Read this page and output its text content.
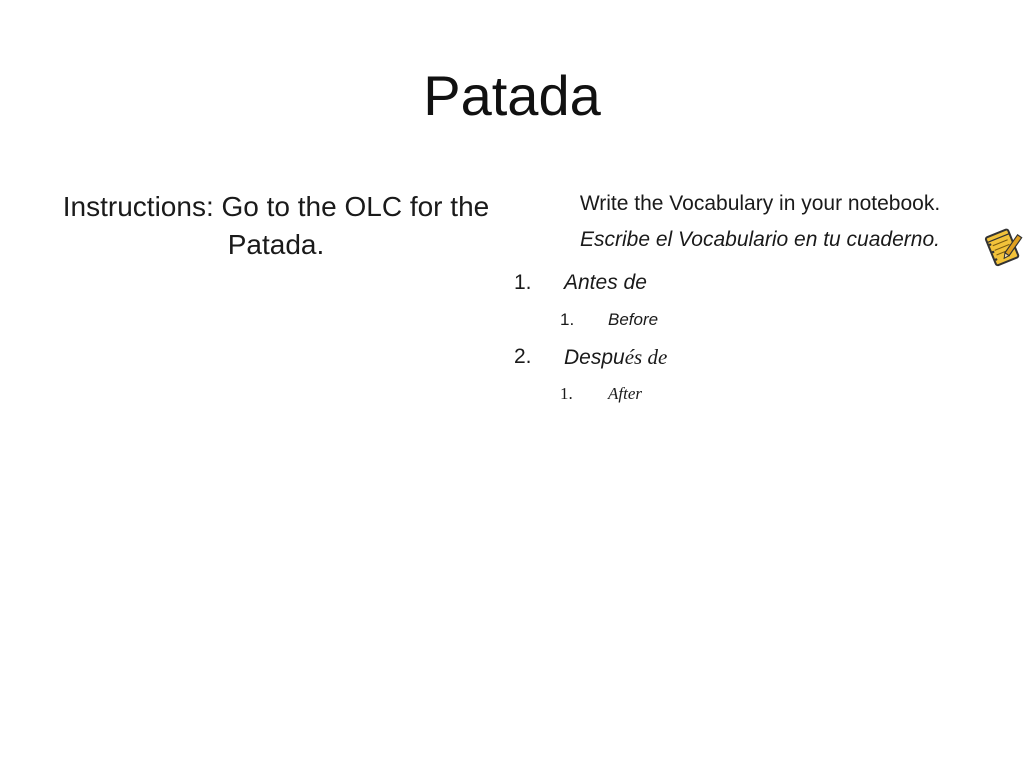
Patada
Instructions: Go to the OLC for the Patada.
Write the Vocabulary in your notebook.
Escribe el Vocabulario en tu cuaderno.
1. Antes de
1. Before
2. Después de
1. After
